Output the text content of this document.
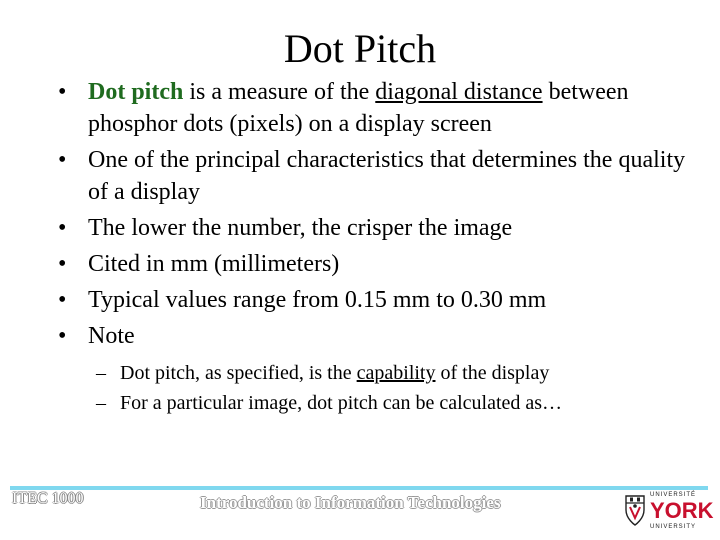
Dot Pitch
• Dot pitch is a measure of the diagonal distance between phosphor dots (pixels) on a display screen
• One of the principal characteristics that determines the quality of a display
• The lower the number, the crisper the image
• Cited in mm (millimeters)
• Typical values range from 0.15 mm to 0.30 mm
• Note
– Dot pitch, as specified, is the capability of the display
– For a particular image, dot pitch can be calculated as…
ITEC 1000	Introduction to Information Technologies	UNIVERSITÉ
YORK
UNIVERSITY
